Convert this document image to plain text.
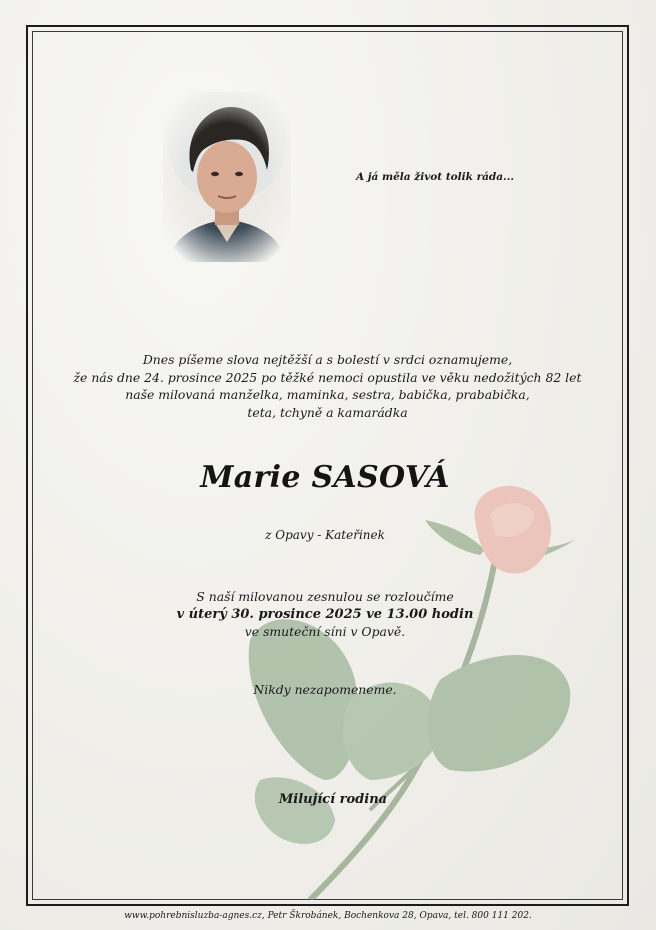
A já měla život tolik ráda...
Dnes píšeme slova nejtěžší a s bolestí v srdci oznamujeme,
že nás dne 24. prosince 2025 po těžké nemoci opustila ve věku nedožitých 82 let
naše milovaná manželka, maminka, sestra, babička, prababička,
teta, tchyně a kamarádka
Marie SASOVÁ
z Opavy - Kateřinek
S naší milovanou zesnulou se rozloučíme
v úterý 30. prosince 2025 ve 13.00 hodin
ve smuteční síni v Opavě.
Nikdy nezapomeneme.
Milující rodina
www.pohrebnisluzba-agnes.cz, Petr Škrobánek, Bochenkova 28, Opava, tel. 800 111 202.
